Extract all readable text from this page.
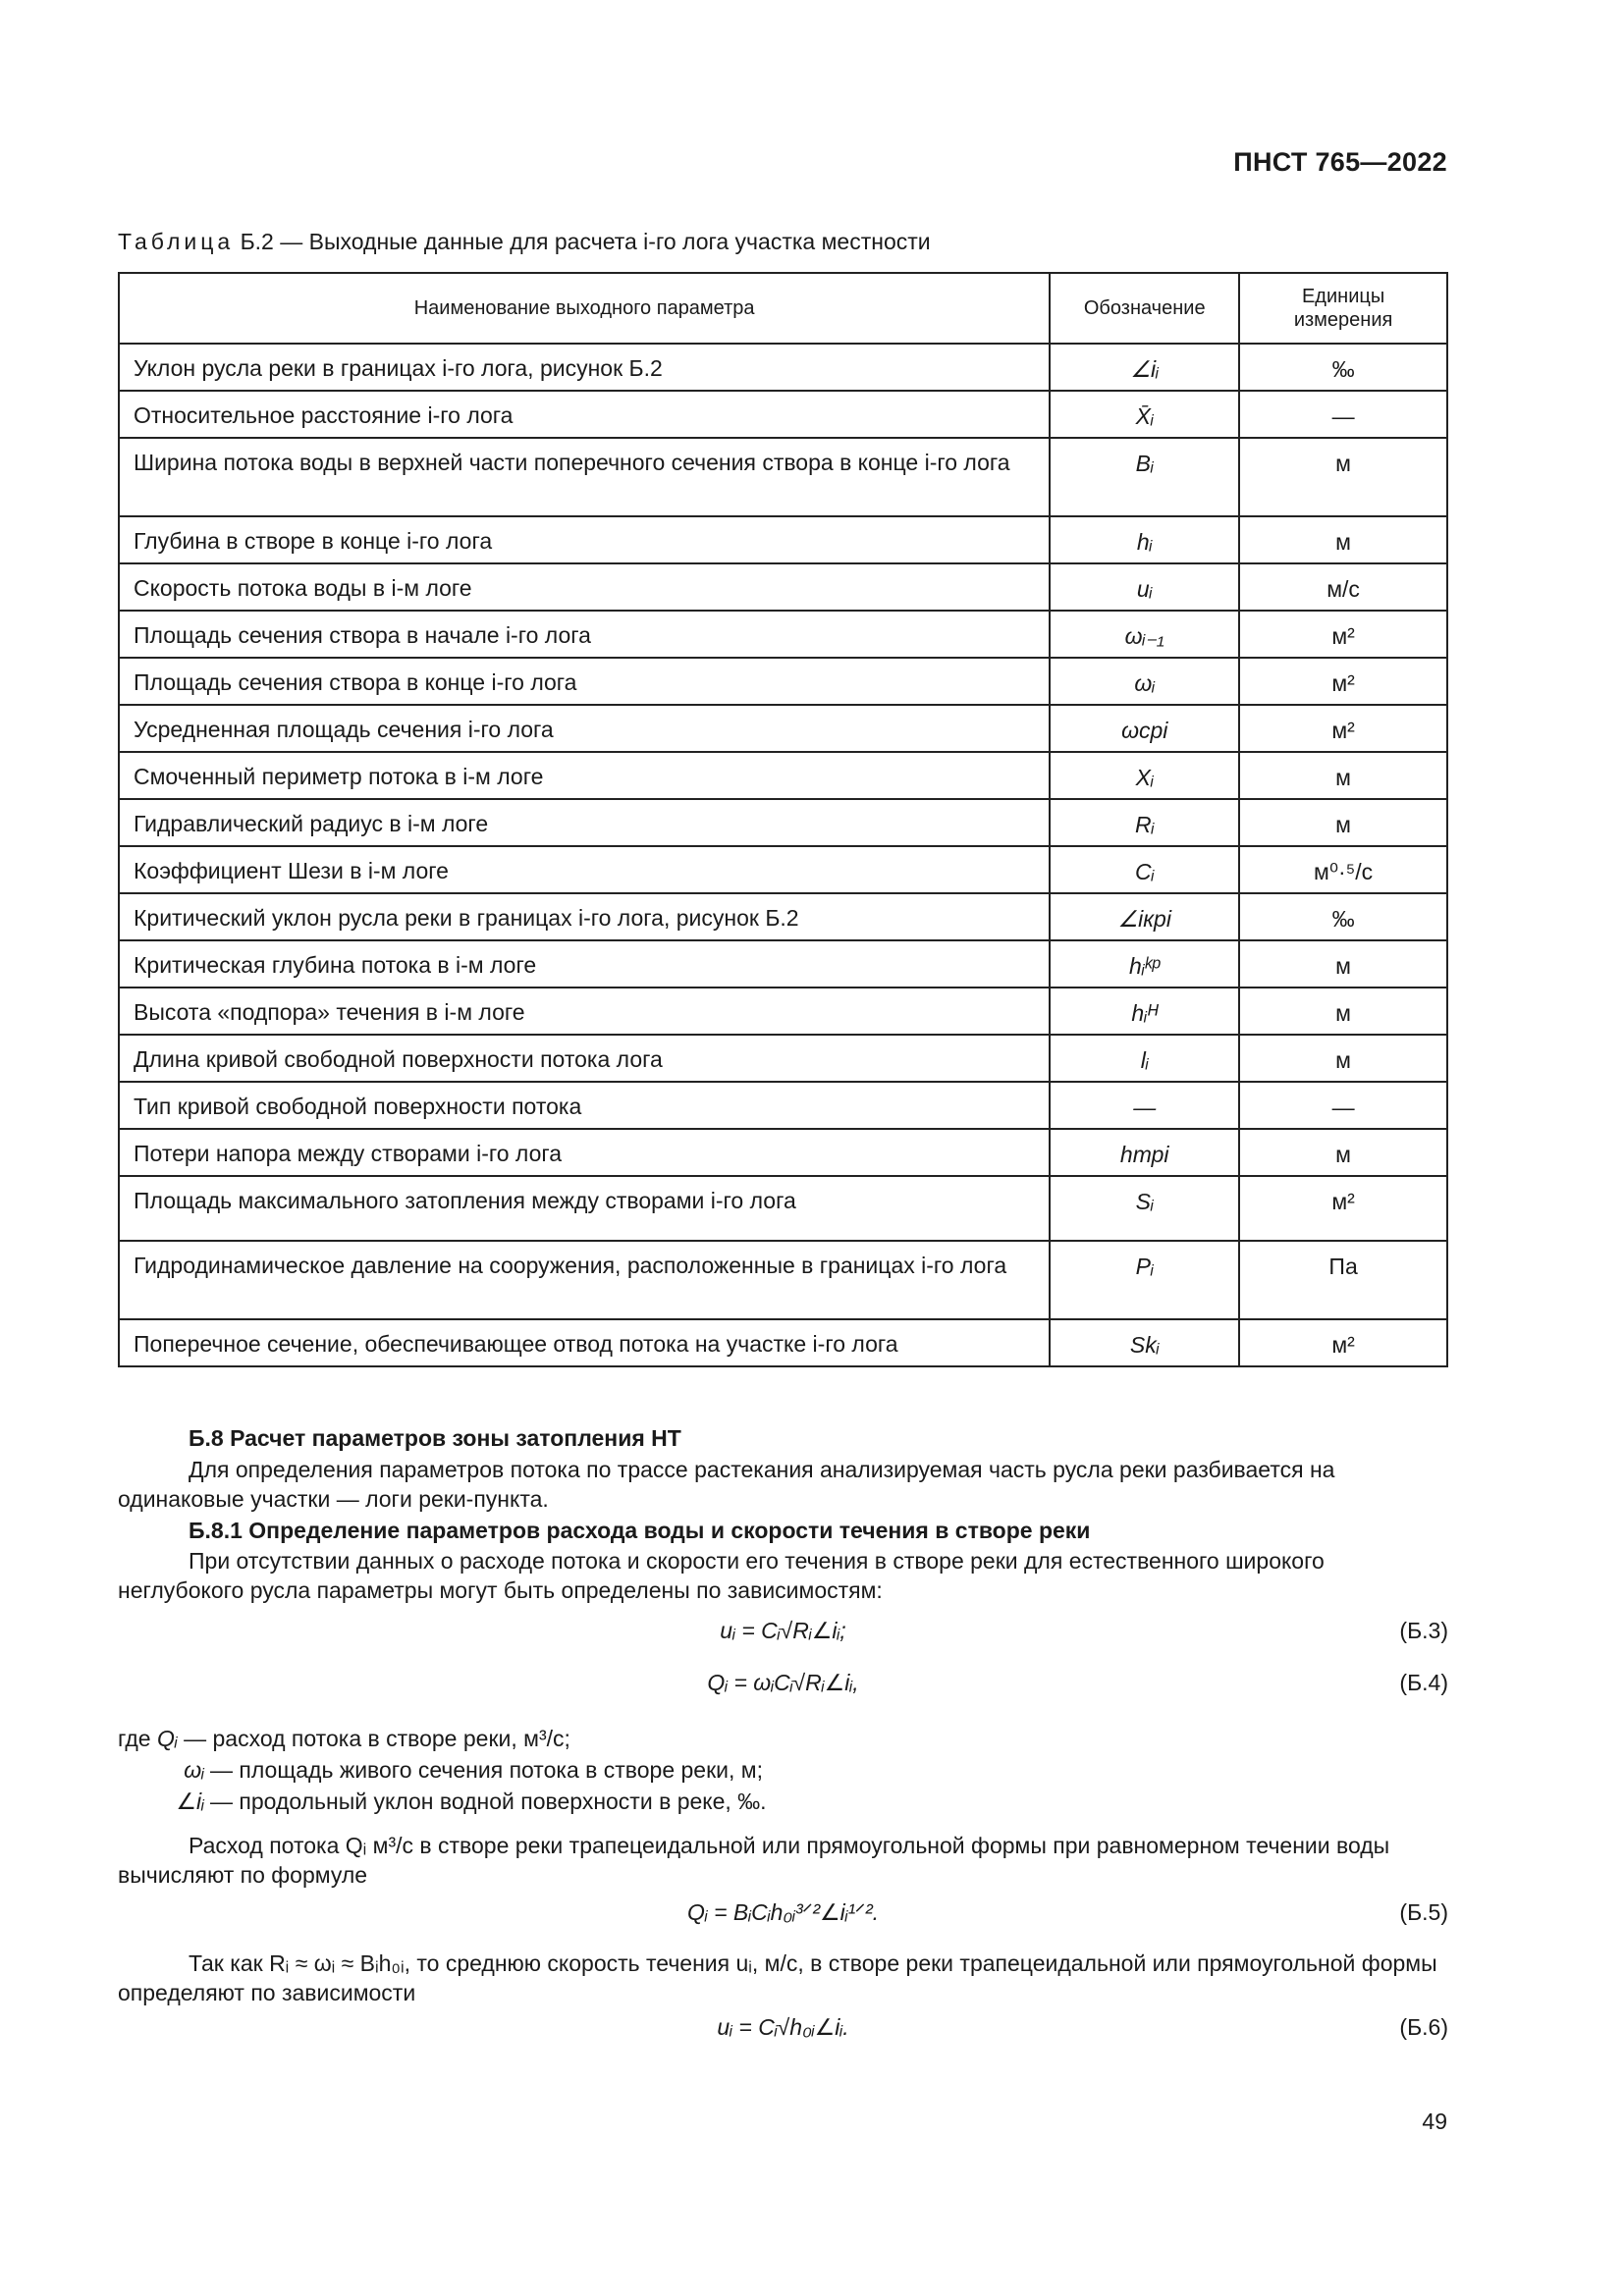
ПНСТ 765—2022
Таблица Б.2 — Выходные данные для расчета i-го лога участка местности
Наименование выходного параметра	Обозначение	Единицы измерения
Уклон русла реки в границах i-го лога, рисунок Б.2	∠iᵢ	‰
Относительное расстояние i-го лога	X̄ᵢ	—
Ширина потока воды в верхней части поперечного сечения створа в конце i-го лога	Bᵢ	м
Глубина в створе в конце i-го лога	hᵢ	м
Скорость потока воды в i-м логе	uᵢ	м/с
Площадь сечения створа в начале i-го лога	ωᵢ₋₁	м²
Площадь сечения створа в конце i-го лога	ωᵢ	м²
Усредненная площадь сечения i-го лога	ωсрi	м²
Смоченный периметр потока в i-м логе	Xᵢ	м
Гидравлический радиус в i-м логе	Rᵢ	м
Коэффициент Шези в i-м логе	Cᵢ	м⁰·⁵/с
Критический уклон русла реки в границах i-го лога, рисунок Б.2	∠iкрi	‰
Критическая глубина потока в i-м логе	hᵢᵏᵖ	м
Высота «подпора» течения в i-м логе	hᵢᴴ	м
Длина кривой свободной поверхности потока лога	lᵢ	м
Тип кривой свободной поверхности потока	—	—
Потери напора между створами i-го лога	hтрi	м
Площадь максимального затопления между створами i-го лога	Sᵢ	м²
Гидродинамическое давление на сооружения, расположенные в границах i-го лога	Pᵢ	Па
Поперечное сечение, обеспечивающее отвод потока на участке i-го лога	Skᵢ	м²
Б.8 Расчет параметров зоны затопления НТ
Для определения параметров потока по трассе растекания анализируемая часть русла реки разбивается на одинаковые участки — логи реки-пункта.
Б.8.1 Определение параметров расхода воды и скорости течения в створе реки
При отсутствии данных о расходе потока и скорости его течения в створе реки для естественного широкого неглубокого русла параметры могут быть определены по зависимостям:
uᵢ = Cᵢ√Rᵢ∠iᵢ;	(Б.3)
Qᵢ = ωᵢCᵢ√Rᵢ∠iᵢ,	(Б.4)
где Qᵢ — расход потока в створе реки, м³/с;
ωᵢ — площадь живого сечения потока в створе реки, м;
∠iᵢ — продольный уклон водной поверхности в реке, ‰.
Расход потока Qᵢ м³/с в створе реки трапецеидальной или прямоугольной формы при равномерном течении воды вычисляют по формуле
Qᵢ = BᵢCᵢh₀ᵢ³ᐟ²∠iᵢ¹ᐟ².	(Б.5)
Так как Rᵢ ≈ ωᵢ ≈ Bᵢh₀ᵢ, то среднюю скорость течения uᵢ, м/с, в створе реки трапецеидальной или прямоугольной формы определяют по зависимости
uᵢ = Cᵢ√h₀ᵢ∠iᵢ.	(Б.6)
49
